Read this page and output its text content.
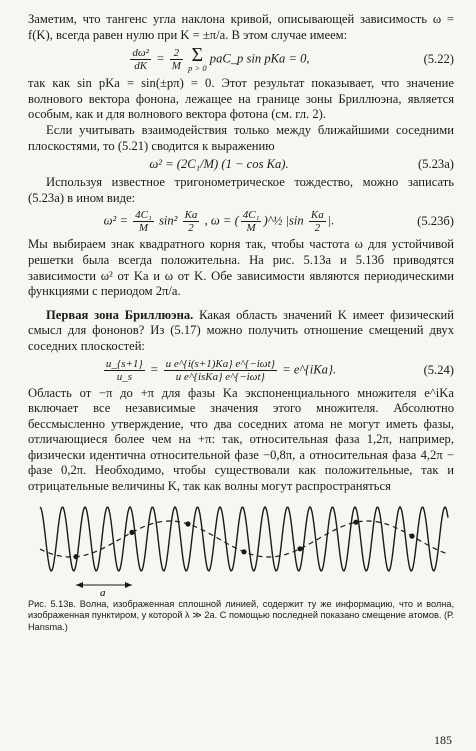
Заметим, что тангенс угла наклона кривой, описывающей зависимость ω = f(K), всегда равен нулю при K = ±π/a. В этом случае имеем:

$\frac{\text{dω²}}{dK} = \frac{2}{M}$
Σ
p > 0
paC_p sin pKa = 0,	(5.22)

так как sin pKa = sin(±pπ) = 0. Этот результат показывает, что значение волнового вектора фонона, лежащее на границе зоны Бриллюэна, является особым, как и для волнового вектора фотона (см. гл. 2).

Если учитывать взаимодействия только между ближайшими соседними плоскостями, то (5.21) сводится к выражению

ω² = (2C₁/M) (1 − cos Ka).	(5.23а)

Используя известное тригонометрическое тождество, можно записать (5.23а) в ином виде:

$\omega^2 = \frac{\text{4C₁}}{M} \sin^2 \frac{Ka}{2}$ , ω = ( $\frac{\text{4C₁}}{M}$ )^½ $|\sin \frac{Ka}{2}$ |.	(5.23б)

Мы выбираем знак квадратного корня так, чтобы частота ω для устойчивой решетки была всегда положительна. На рис. 5.13а и 5.13б приводятся зависимости ω² от Ka и ω от K. Обе зависимости являются периодическими функциями с периодом 2π/a.

Первая зона Бриллюэна. Какая область значений K имеет физический смысл для фононов? Из (5.17) можно получить отношение смещений двух соседних плоскостей:

$\frac{u\_\{s+1\}}{u\_s} = \frac{\text{u e\textasciicircum{}\{i(s+1)Ka\} e\textasciicircum{}\{−iωt\}}}{\text{u e\textasciicircum{}\{isKa\} e\textasciicircum{}\{−iωt\}}}$ = e^{iKa}.	(5.24)

Область от −π до +π для фазы Ka экспоненциального множителя e^iKa включает все независимые значения этого множителя. Абсолютно бессмысленно утверждение, что два соседних атома не могут иметь фазы, отличающиеся более чем на +π: так, относительная фаза 1,2π, например, физически идентична относительной фазе −0,8π, а относительная фаза 4,2π − фазе 0,2π. Необходимо, чтобы существовали как положительные, так и отрицательные величины K, так как волны могут распространяться

a
Рис. 5.13в. Волна, изображенная сплошной линией, содержит ту же информацию, что и волна, изображенная пунктиром, у которой λ ≫ 2a. С помощью последней показано смещение атомов. (Р. Hansma.)
185
